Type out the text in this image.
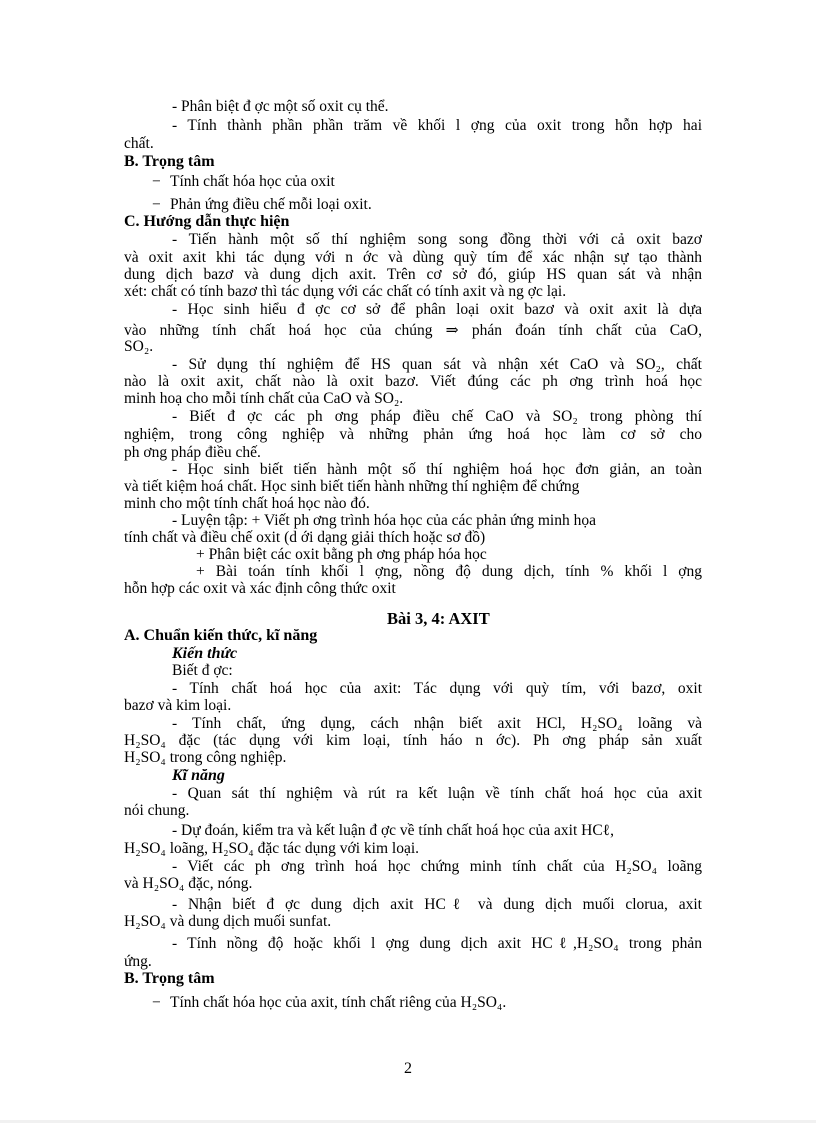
- Phân biệt đ ợc một số oxit cụ thể.
- Tính thành phần phần trăm về khối l ợng của oxit trong hỗn hợp hai
chất.
B. Trọng tâm
− Tính chất hóa học của oxit
− Phản ứng điều chế mỗi loại oxit.
C. Hướng dẫn thực hiện
- Tiến hành một số thí nghiệm song song đồng thời với cả oxit bazơ
và oxit axit khi tác dụng với n ớc và dùng quỳ tím để xác nhận sự tạo thành
dung dịch bazơ và dung dịch axit. Trên cơ sở đó, giúp HS quan sát và nhận
xét: chất có tính bazơ thì tác dụng với các chất có tính axit và ng ợc lại.
- Học sinh hiểu đ ợc cơ sở để phân loại oxit bazơ và oxit axit là dựa
vào những tính chất hoá học của chúng ⇒ phán đoán tính chất của CaO,
SO₂.
- Sử dụng thí nghiệm để HS quan sát và nhận xét CaO và SO₂, chất
nào là oxit axit, chất nào là oxit bazơ. Viết đúng các ph ơng trình hoá học
minh hoạ cho mỗi tính chất của CaO và SO₂.
- Biết đ ợc các ph ơng pháp điều chế CaO và SO₂ trong phòng thí
nghiệm, trong công nghiệp và những phản ứng hoá học làm cơ sở cho
ph ơng pháp điều chế.
- Học sinh biết tiến hành một số thí nghiệm hoá học đơn giản, an toàn
và tiết kiệm hoá chất. Học sinh biết tiến hành những thí nghiệm để chứng
minh cho một tính chất hoá học nào đó.
- Luyện tập: + Viết ph ơng trình hóa học của các phản ứng minh họa
tính chất và điều chế oxit (d ới dạng giải thích hoặc sơ đồ)
+ Phân biệt các oxit bằng ph ơng pháp hóa học
+ Bài toán tính khối l ợng, nồng độ dung dịch, tính % khối l ợng
hỗn hợp các oxit và xác định công thức oxit
Bài 3, 4: AXIT
A. Chuẩn kiến thức, kĩ năng
Kiến thức
Biết đ ợc:
- Tính chất hoá học của axit: Tác dụng với quỳ tím, với bazơ, oxit
bazơ và kim loại.
- Tính chất, ứng dụng, cách nhận biết axit HCl, H₂SO₄ loãng và
H₂SO₄ đặc (tác dụng với kim loại, tính háo n ớc). Ph ơng pháp sản xuất
H₂SO₄ trong công nghiệp.
Kĩ năng
- Quan sát thí nghiệm và rút ra kết luận về tính chất hoá học của axit
nói chung.
- Dự đoán, kiểm tra và kết luận đ ợc về tính chất hoá học của axit HCℓ,
H₂SO₄ loãng, H₂SO₄ đặc tác dụng với kim loại.
- Viết các ph ơng trình hoá học chứng minh tính chất của H₂SO₄ loãng
và H₂SO₄ đặc, nóng.
- Nhận biết đ ợc dung dịch axit HCℓ và dung dịch muối clorua, axit
H₂SO₄ và dung dịch muối sunfat.
- Tính nồng độ hoặc khối l ợng dung dịch axit HCℓ,H₂SO₄ trong phản
ứng.
B. Trọng tâm
− Tính chất hóa học của axit, tính chất riêng của H₂SO₄.
2
